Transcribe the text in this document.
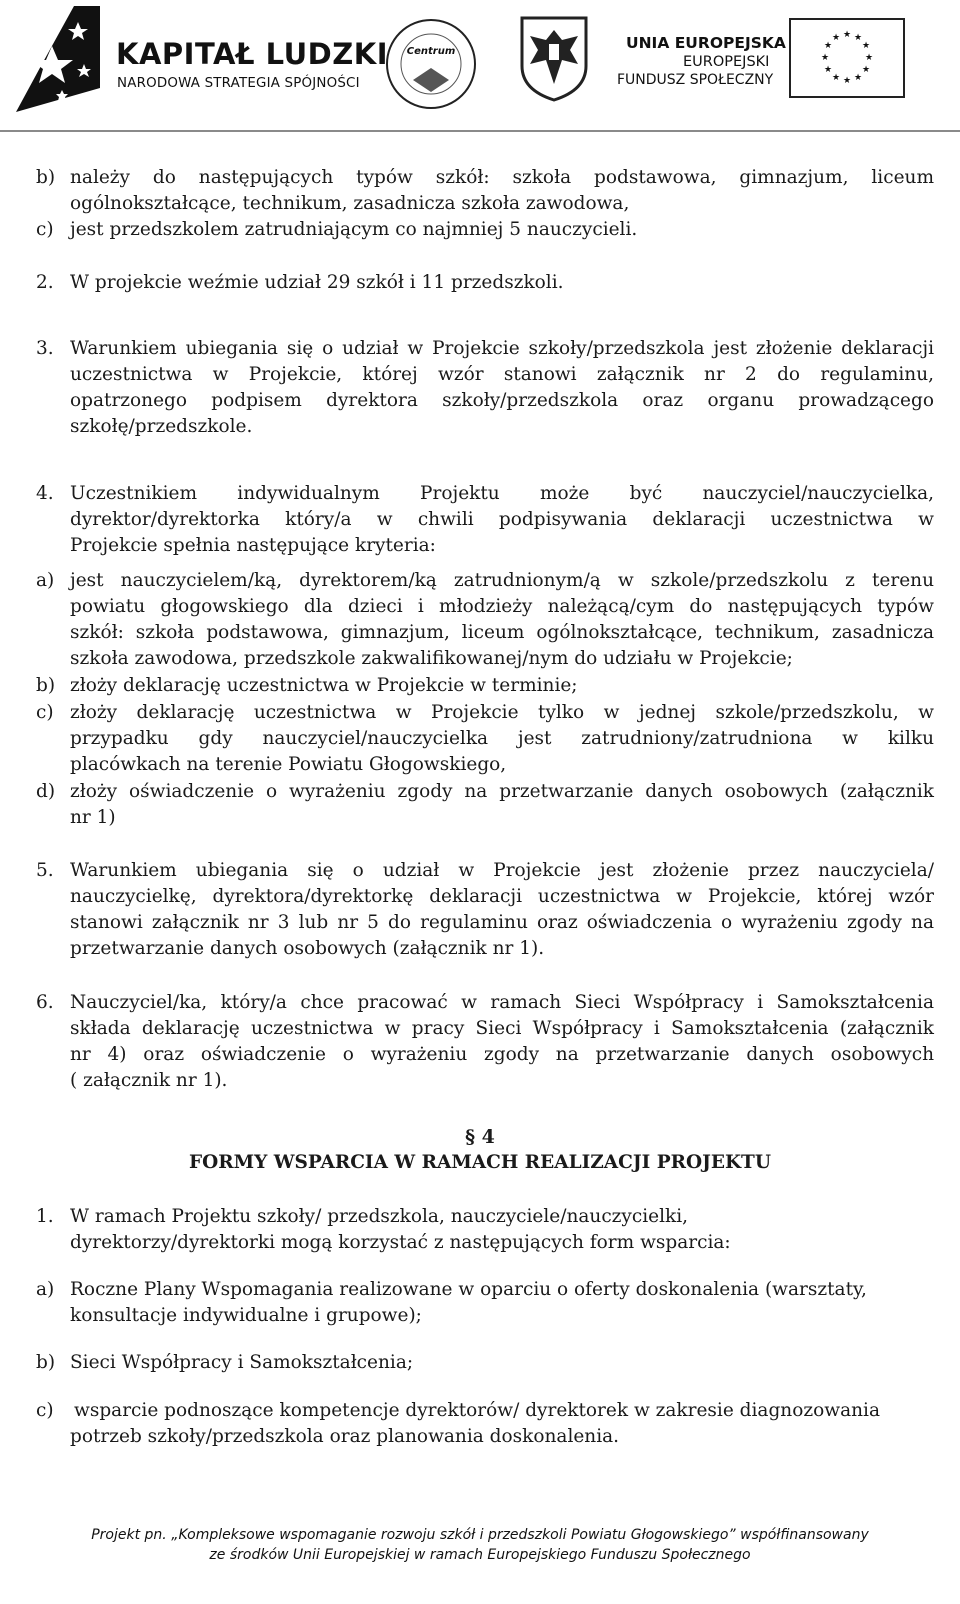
KAPITAŁ LUDZKI
NARODOWA STRATEGIA SPÓJNOŚCI
Centrum	UNIA EUROPEJSKA
EUROPEJSKI
FUNDUSZ SPOŁECZNY
★ ★
★
★
★
★
★
★
★
★
★
★
b) należy do następujących typów szkół: szkoła podstawowa, gimnazjum, liceum
ogólnokształcące, technikum, zasadnicza szkoła zawodowa,
c) jest przedszkolem zatrudniającym co najmniej 5 nauczycieli.
2. W projekcie weźmie udział 29 szkół i 11 przedszkoli.
3. Warunkiem ubiegania się o udział w Projekcie szkoły/przedszkola jest złożenie deklaracji
uczestnictwa w Projekcie, której wzór stanowi załącznik nr 2 do regulaminu,
opatrzonego podpisem dyrektora szkoły/przedszkola oraz organu prowadzącego
szkołę/przedszkole.
4. Uczestnikiem indywidualnym Projektu może być nauczyciel/nauczycielka,
dyrektor/dyrektorka który/a w chwili podpisywania deklaracji uczestnictwa w
Projekcie spełnia następujące kryteria:
a) jest nauczycielem/ką, dyrektorem/ką zatrudnionym/ą w szkole/przedszkolu z terenu
powiatu głogowskiego dla dzieci i młodzieży należącą/cym do następujących typów
szkół: szkoła podstawowa, gimnazjum, liceum ogólnokształcące, technikum, zasadnicza
szkoła zawodowa, przedszkole zakwalifikowanej/nym do udziału w Projekcie;
b) złoży deklarację uczestnictwa w Projekcie w terminie;
c) złoży deklarację uczestnictwa w Projekcie tylko w jednej szkole/przedszkolu, w
przypadku gdy nauczyciel/nauczycielka jest zatrudniony/zatrudniona w kilku
placówkach na terenie Powiatu Głogowskiego,
d) złoży oświadczenie o wyrażeniu zgody na przetwarzanie danych osobowych (załącznik
nr 1)
5. Warunkiem ubiegania się o udział w Projekcie jest złożenie przez nauczyciela/
nauczycielkę, dyrektora/dyrektorkę deklaracji uczestnictwa w Projekcie, której wzór
stanowi załącznik nr 3 lub nr 5 do regulaminu oraz oświadczenia o wyrażeniu zgody na
przetwarzanie danych osobowych (załącznik nr 1).
6. Nauczyciel/ka, który/a chce pracować w ramach Sieci Współpracy i Samokształcenia
składa deklarację uczestnictwa w pracy Sieci Współpracy i Samokształcenia (załącznik
nr 4) oraz oświadczenie o wyrażeniu zgody na przetwarzanie danych osobowych
( załącznik nr 1).
§ 4
FORMY WSPARCIA W RAMACH REALIZACJI PROJEKTU
1. W ramach Projektu szkoły/ przedszkola, nauczyciele/nauczycielki,
dyrektorzy/dyrektorki mogą korzystać z następujących form wsparcia:
a) Roczne Plany Wspomagania realizowane w oparciu o oferty doskonalenia (warsztaty,
konsultacje indywidualne i grupowe);
b) Sieci Współpracy i Samokształcenia;
c) wsparcie podnoszące kompetencje dyrektorów/ dyrektorek w zakresie diagnozowania
potrzeb szkoły/przedszkola oraz planowania doskonalenia.
Projekt pn. „Kompleksowe wspomaganie rozwoju szkół i przedszkoli Powiatu Głogowskiego” współfinansowany
ze środków Unii Europejskiej w ramach Europejskiego Funduszu Społecznego
